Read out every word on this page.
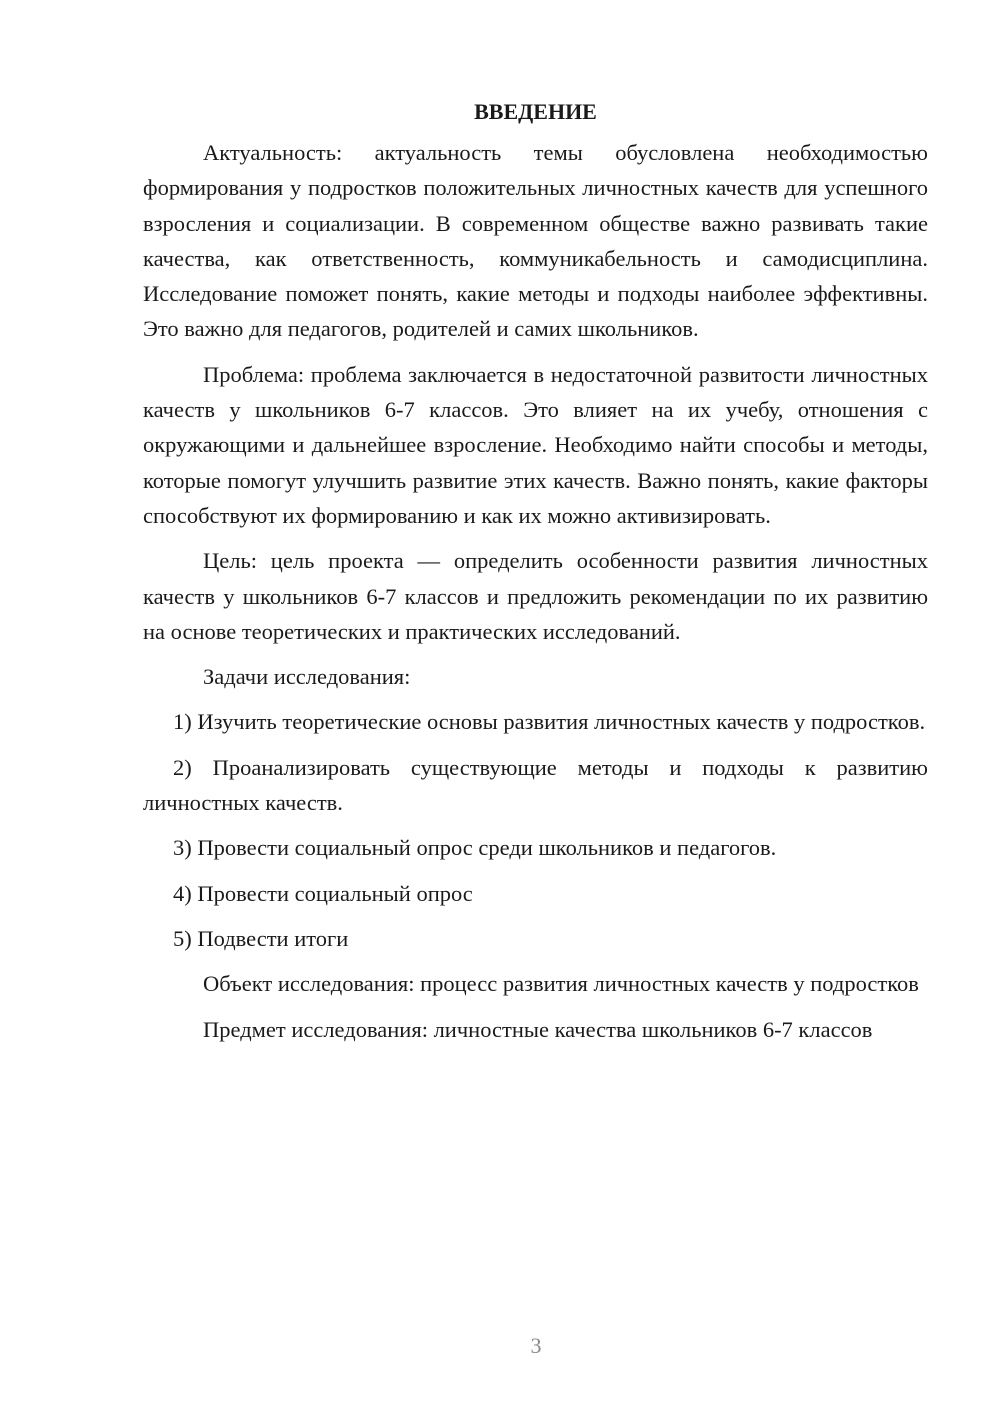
ВВЕДЕНИЕ

Актуальность: актуальность темы обусловлена необходимостью формирования у подростков положительных личностных качеств для успешного взросления и социализации. В современном обществе важно развивать такие качества, как ответственность, коммуникабельность и самодисциплина. Исследование поможет понять, какие методы и подходы наиболее эффективны. Это важно для педагогов, родителей и самих школьников.

Проблема: проблема заключается в недостаточной развитости личностных качеств у школьников 6-7 классов. Это влияет на их учебу, отношения с окружающими и дальнейшее взросление. Необходимо найти способы и методы, которые помогут улучшить развитие этих качеств. Важно понять, какие факторы способствуют их формированию и как их можно активизировать.

Цель: цель проекта — определить особенности развития личностных качеств у школьников 6-7 классов и предложить рекомендации по их развитию на основе теоретических и практических исследований.

Задачи исследования:

1) Изучить теоретические основы развития личностных качеств у подростков.

2) Проанализировать существующие методы и подходы к развитию личностных качеств.

3) Провести социальный опрос среди школьников и педагогов.

4) Провести социальный опрос

5) Подвести итоги

Объект исследования: процесс развития личностных качеств у подростков

Предмет исследования: личностные качества школьников 6-7 классов

3
